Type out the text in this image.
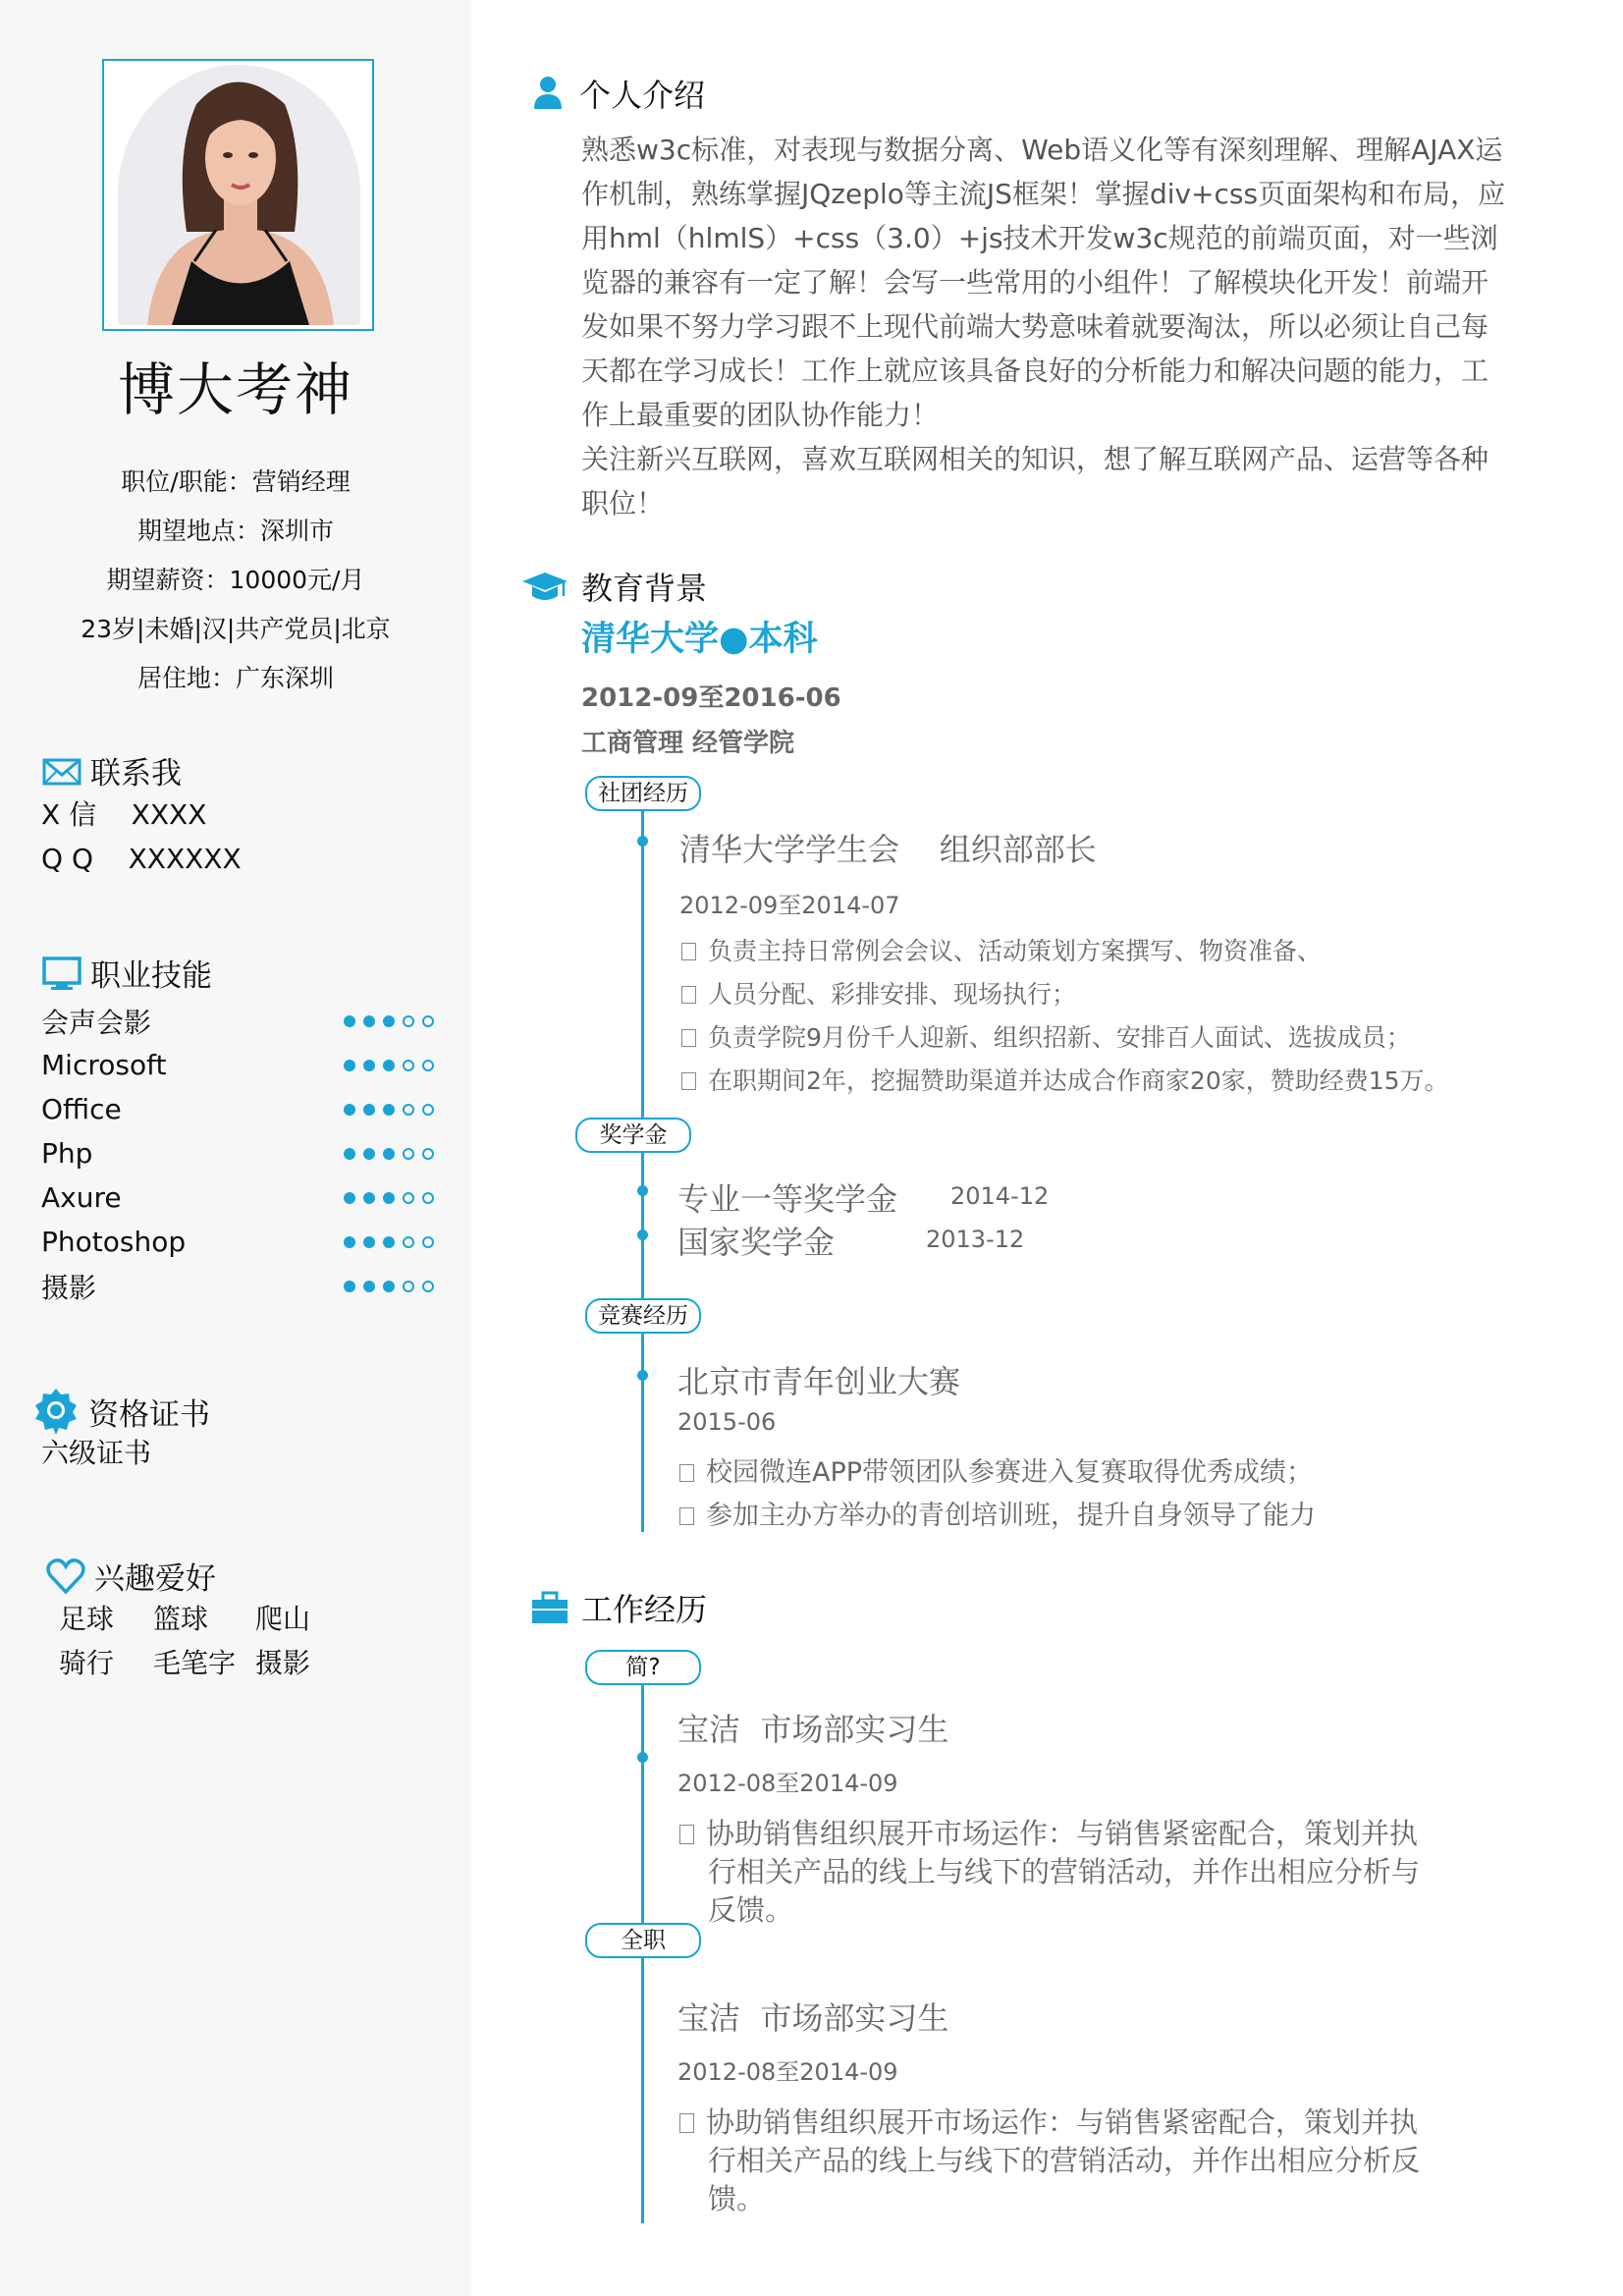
博大考神
职位/职能：营销经理
期望地点：深圳市
期望薪资：10000元/月
23岁|未婚|汉|共产党员|北京
居住地：广东深圳
联系我
X 信    XXXX
Q Q    XXXXXX
职业技能
会声会影
Microsoft
Office
Php
Axure
Photoshop
摄影
资格证书
六级证书
兴趣爱好
足球	篮球	爬山
骑行	毛笔字 摄影
个人介绍
熟悉w3c标准，对表现与数据分离、Web语义化等有深刻理解、理解AJAX运作机制，熟练掌握JQzeplo等主流JS框架！掌握div+css页面架构和布局，应用hml（hlmlS）+css（3.0）+js技术开发w3c规范的前端页面，对一些浏览器的兼容有一定了解！会写一些常用的小组件！了解模块化开发！前端开发如果不努力学习跟不上现代前端大势意味着就要淘汰，所以必须让自己每天都在学习成长！工作上就应该具备良好的分析能力和解决问题的能力，工作上最重要的团队协作能力！
关注新兴互联网，喜欢互联网相关的知识，想了解互联网产品、运营等各种职位！
教育背景
清华大学●本科
2012-09至2016-06
工商管理 经管学院
社团经历
清华大学学生会    组织部部长
2012-09至2014-07
负责主持日常例会会议、活动策划方案撰写、物资准备、
人员分配、彩排安排、现场执行；
负责学院9月份千人迎新、组织招新、安排百人面试、选拔成员；
在职期间2年，挖掘赞助渠道并达成合作商家20家，赞助经费15万。
奖学金
专业一等奖学金 2014-12
国家奖学金	2013-12
竞赛经历
北京市青年创业大赛
2015-06
校园微连APP带领团队参赛进入复赛取得优秀成绩；
参加主办方举办的青创培训班，提升自身领导了能力
工作经历
简?
宝洁  市场部实习生
2012-08至2014-09
协助销售组织展开市场运作：与销售紧密配合，策划并执
行相关产品的线上与线下的营销活动，并作出相应分析与
反馈。
全职
宝洁  市场部实习生
2012-08至2014-09
协助销售组织展开市场运作：与销售紧密配合，策划并执
行相关产品的线上与线下的营销活动，并作出相应分析反
馈。
